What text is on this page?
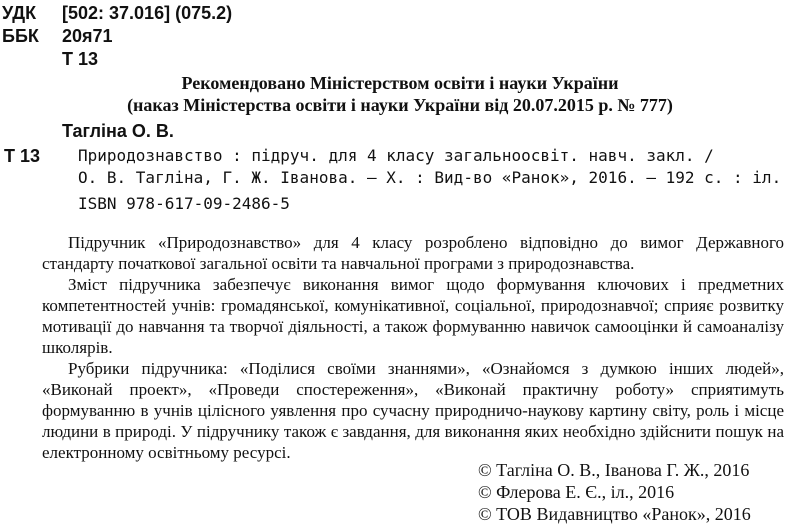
УДК [502: 37.016] (075.2)
ББК 20я71
Т 13
Рекомендовано Міністерством освіти і науки України
(наказ Міністерства освіти і науки України від 20.07.2015 р. № 777)
Тагліна О. В.
Т 13 Природознавство : підруч. для 4 класу загальноосвіт. навч. закл. /
О. В. Тагліна, Г. Ж. Іванова. — Х. : Вид-во «Ранок», 2016. — 192 с. : іл.
ISBN 978-617-09-2486-5
Підручник «Природознавство» для 4 класу розроблено відповідно до вимог Державного стандарту початкової загальної освіти та навчальної програми з природознавства.
Зміст підручника забезпечує виконання вимог щодо формування ключових і предметних компетентностей учнів: громадянської, комунікативної, соціальної, природознавчої; сприяє розвитку мотивації до навчання та творчої діяльності, а також формуванню навичок самооцінки й самоаналізу школярів.
Рубрики підручника: «Поділися своїми знаннями», «Ознайомся з думкою інших людей», «Виконай проект», «Проведи спостереження», «Виконай практичну роботу» сприятимуть формуванню в учнів цілісного уявлення про сучасну природничо-наукову картину світу, роль і місце людини в природі. У підручнику також є завдання, для виконання яких необхідно здійснити пошук на електронному освітньому ресурсі.
© Тагліна О. В., Іванова Г. Ж., 2016
© Флерова Е. Є., іл., 2016
© ТОВ Видавництво «Ранок», 2016
